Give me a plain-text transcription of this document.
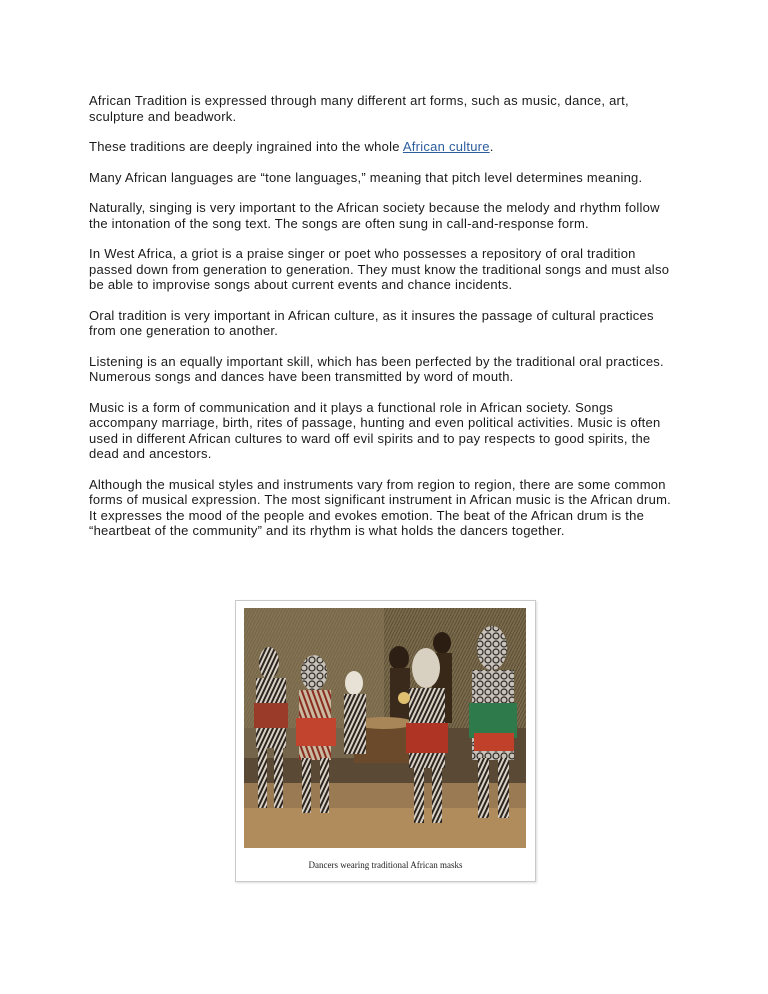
African Tradition is expressed through many different art forms, such as music, dance, art, sculpture and beadwork.

These traditions are deeply ingrained into the whole African culture.

Many African languages are “tone languages,” meaning that pitch level determines meaning.

Naturally, singing is very important to the African society because the melody and rhythm follow the intonation of the song text. The songs are often sung in call-and-response form.

In West Africa, a griot is a praise singer or poet who possesses a repository of oral tradition passed down from generation to generation. They must know the traditional songs and must also be able to improvise songs about current events and chance incidents.

Oral tradition is very important in African culture, as it insures the passage of cultural practices from one generation to another.

Listening is an equally important skill, which has been perfected by the traditional oral practices. Numerous songs and dances have been transmitted by word of mouth.

Music is a form of communication and it plays a functional role in African society. Songs accompany marriage, birth, rites of passage, hunting and even political activities. Music is often used in different African cultures to ward off evil spirits and to pay respects to good spirits, the dead and ancestors.

Although the musical styles and instruments vary from region to region, there are some common forms of musical expression. The most significant instrument in African music is the African drum. It expresses the mood of the people and evokes emotion. The beat of the African drum is the “heartbeat of the community” and its rhythm is what holds the dancers together.

Dancers wearing traditional African masks
